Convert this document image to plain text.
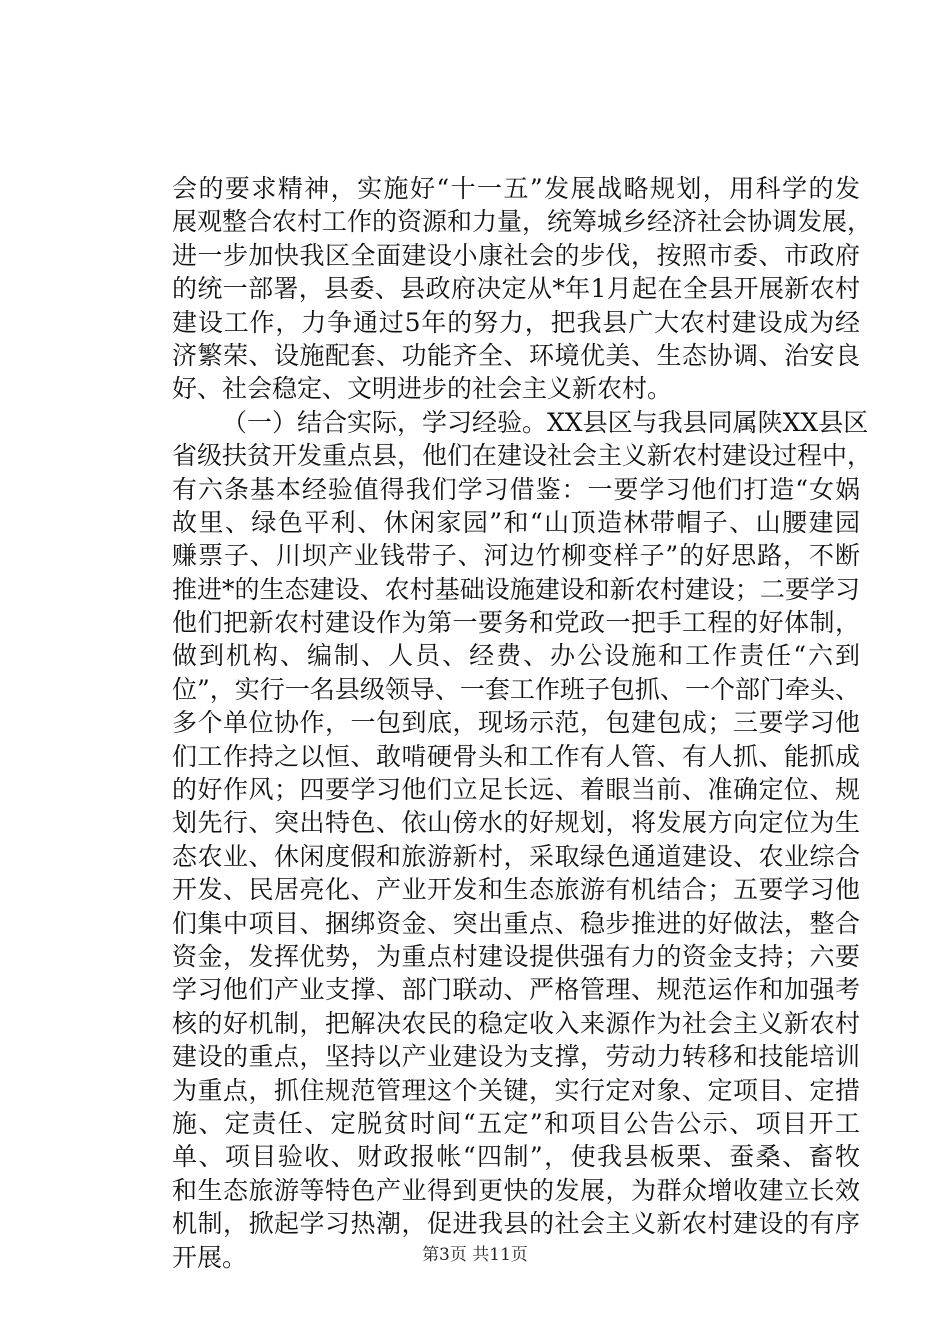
会的要求精神，实施好“十一五”发展战略规划，用科学的发
展观整合农村工作的资源和力量，统筹城乡经济社会协调发展，
进一步加快我区全面建设小康社会的步伐，按照市委、市政府
的统一部署，县委、县政府决定从*年1月起在全县开展新农村
建设工作，力争通过5年的努力，把我县广大农村建设成为经
济繁荣、设施配套、功能齐全、环境优美、生态协调、治安良
好、社会稳定、文明进步的社会主义新农村。
（一）结合实际，学习经验。XX县区与我县同属陕XX县区
省级扶贫开发重点县，他们在建设社会主义新农村建设过程中，
有六条基本经验值得我们学习借鉴：一要学习他们打造“女娲
故里、绿色平利、休闲家园”和“山顶造林带帽子、山腰建园
赚票子、川坝产业钱带子、河边竹柳变样子”的好思路，不断
推进*的生态建设、农村基础设施建设和新农村建设；二要学习
他们把新农村建设作为第一要务和党政一把手工程的好体制，
做到机构、编制、人员、经费、办公设施和工作责任“六到
位”，实行一名县级领导、一套工作班子包抓、一个部门牵头、
多个单位协作，一包到底，现场示范，包建包成；三要学习他
们工作持之以恒、敢啃硬骨头和工作有人管、有人抓、能抓成
的好作风；四要学习他们立足长远、着眼当前、准确定位、规
划先行、突出特色、依山傍水的好规划，将发展方向定位为生
态农业、休闲度假和旅游新村，采取绿色通道建设、农业综合
开发、民居亮化、产业开发和生态旅游有机结合；五要学习他
们集中项目、捆绑资金、突出重点、稳步推进的好做法，整合
资金，发挥优势，为重点村建设提供强有力的资金支持；六要
学习他们产业支撑、部门联动、严格管理、规范运作和加强考
核的好机制，把解决农民的稳定收入来源作为社会主义新农村
建设的重点，坚持以产业建设为支撑，劳动力转移和技能培训
为重点，抓住规范管理这个关键，实行定对象、定项目、定措
施、定责任、定脱贫时间“五定”和项目公告公示、项目开工
单、项目验收、财政报帐“四制”，使我县板栗、蚕桑、畜牧
和生态旅游等特色产业得到更快的发展，为群众增收建立长效
机制，掀起学习热潮，促进我县的社会主义新农村建设的有序
开展。	第3页 共11页
